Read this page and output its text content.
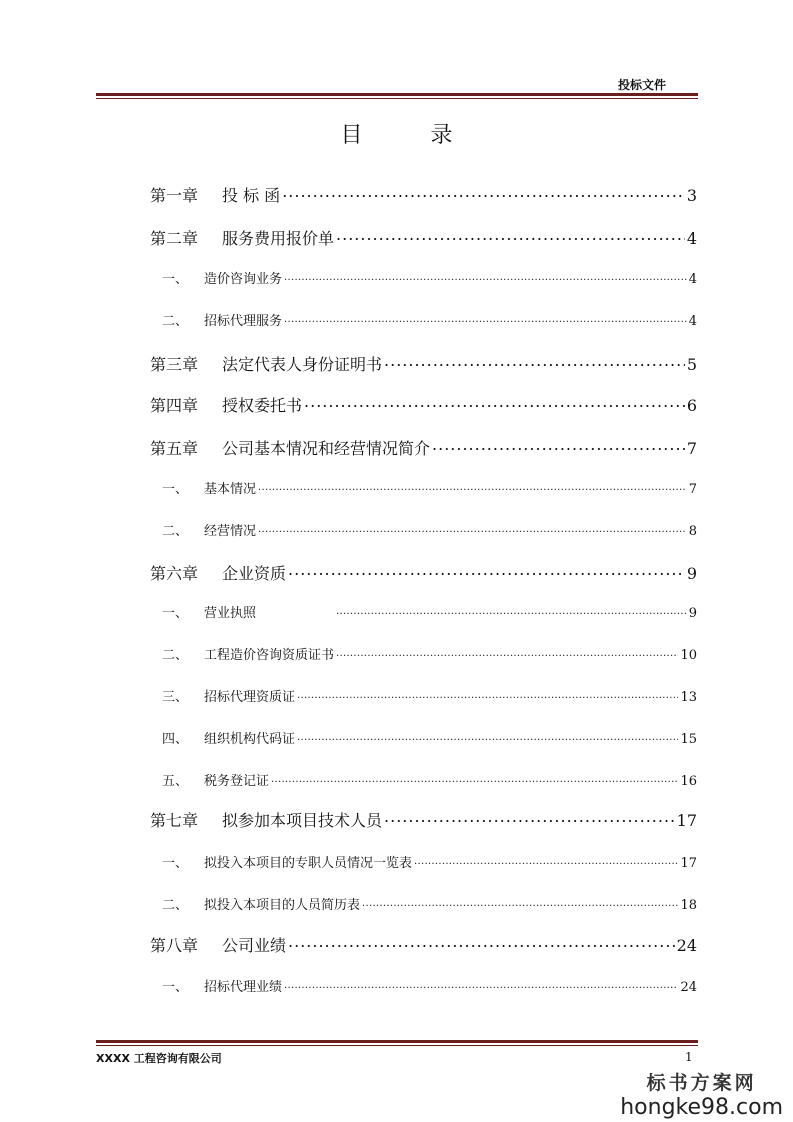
投标文件
目 录
第一章	投 标 函 .....	3
第二章	服务费用报价单 .....	4
一、	造价咨询业务 .....	4
二、	招标代理服务 .....	4
第三章	法定代表人身份证明书 .....	5
第四章	授权委托书 .....	6
第五章	公司基本情况和经营情况简介 .....	7
一、	基本情况 .....	7
二、	经营情况 .....	8
第六章	企业资质 .....	9
一、	营业执照 .....	9
二、	工程造价咨询资质证书 .....	10
三、	招标代理资质证 .....	13
四、	组织机构代码证 .....	15
五、	税务登记证 .....	16
第七章	拟参加本项目技术人员 .....	17
一、	拟投入本项目的专职人员情况一览表 .....	17
二、	拟投入本项目的人员简历表 .....	18
第八章	公司业绩 .....	24
一、	招标代理业绩 .....	24
XXXX 工程咨询有限公司	1
标书方案网
hongke98.com
